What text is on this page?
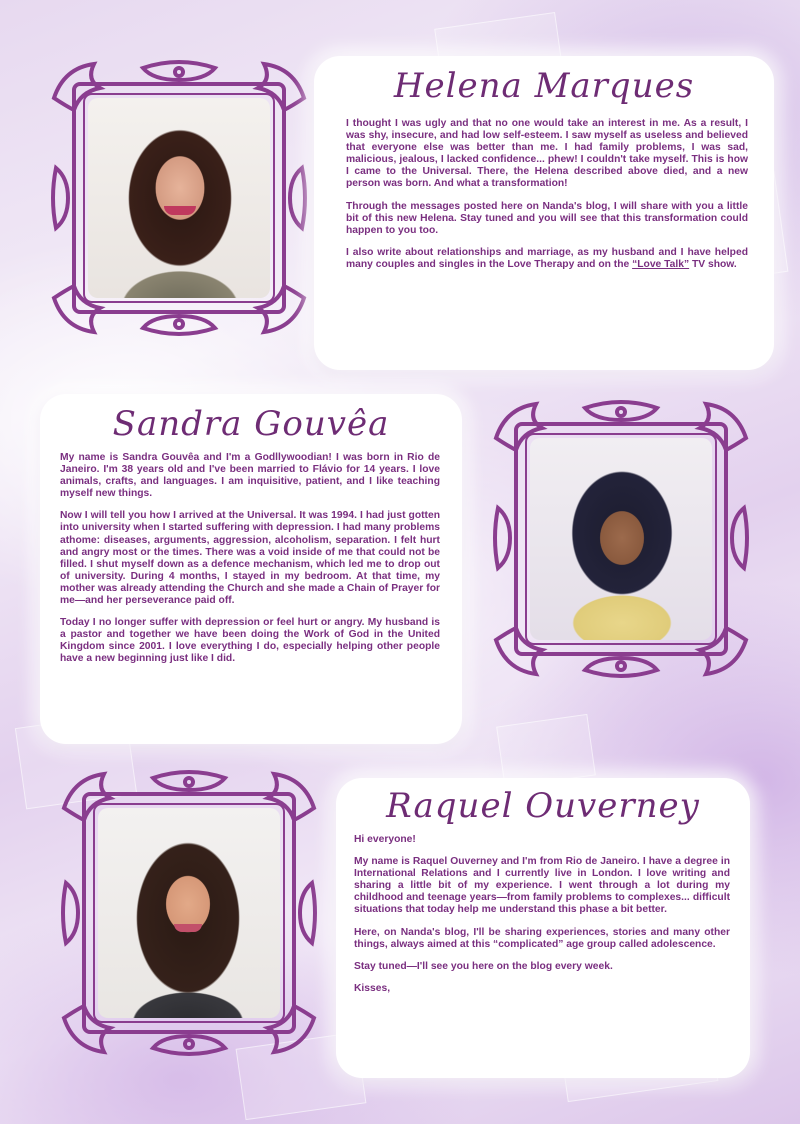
Helena Marques

I thought I was ugly and that no one would take an interest in me. As a result, I was shy, insecure, and had low self-esteem. I saw myself as useless and believed that everyone else was better than me. I had family problems, I was sad, malicious, jealous, I lacked confidence... phew! I couldn't take myself. This is how I came to the Universal. There, the Helena described above died, and a new person was born. And what a transformation!

Through the messages posted here on Nanda's blog, I will share with you a little bit of this new Helena. Stay tuned and you will see that this transformation could happen to you too.

I also write about relationships and marriage, as my husband and I have helped many couples and singles in the Love Therapy and on the “Love Talk” TV show.

Sandra Gouvêa

My name is Sandra Gouvêa and I'm a Godllywoodian! I was born in Rio de Janeiro. I'm 38 years old and I've been married to Flávio for 14 years. I love animals, crafts, and languages. I am inquisitive, patient, and I like teaching myself new things.

Now I will tell you how I arrived at the Universal. It was 1994. I had just gotten into university when I started suffering with depression. I had many problems athome: diseases, arguments, aggression, alcoholism, separation. I felt hurt and angry most or the times. There was a void inside of me that could not be filled. I shut myself down as a defence mechanism, which led me to drop out of university. During 4 months, I stayed in my bedroom. At that time, my mother was already attending the Church and she made a Chain of Prayer for me—and her perseverance paid off.

Today I no longer suffer with depression or feel hurt or angry. My husband is a pastor and together we have been doing the Work of God in the United Kingdom since 2001. I love everything I do, especially helping other people have a new beginning just like I did.

Raquel Ouverney

Hi everyone!

My name is Raquel Ouverney and I'm from Rio de Janeiro. I have a degree in International Relations and I currently live in London. I love writing and sharing a little bit of my experience. I went through a lot during my childhood and teenage years—from family problems to complexes... difficult situations that today help me understand this phase a bit better.

Here, on Nanda's blog, I'll be sharing experiences, stories and many other things, always aimed at this “complicated” age group called adolescence.

Stay tuned—I'll see you here on the blog every week.

Kisses,
